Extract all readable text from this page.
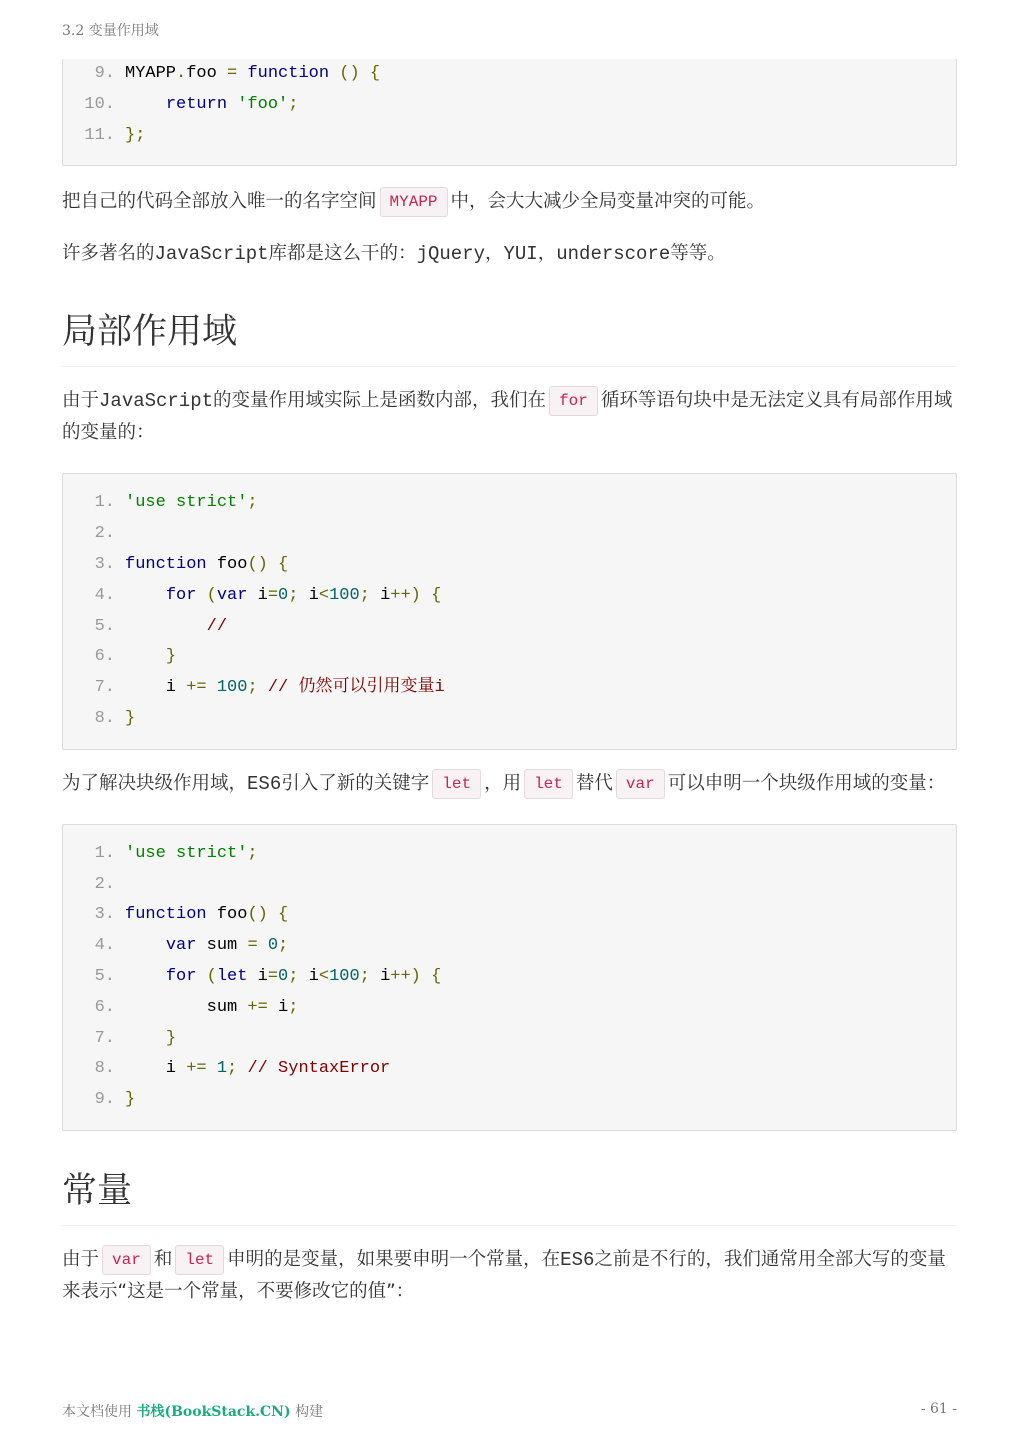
3.2 变量作用域
9. MYAPP.foo = function () {
10.	return 'foo';
11. };

把自己的代码全部放入唯一的名字空间 MYAPP 中，会大大减少全局变量冲突的可能。

许多著名的JavaScript库都是这么干的：jQuery，YUI，underscore等等。

局部作用域

由于JavaScript的变量作用域实际上是函数内部，我们在 for 循环等语句块中是无法定义具有局部作用域的变量的：

1. 'use strict';
2.

3. function foo() {
4.	for (var i=0; i<100; i++) {
5.	//
6.	}
7. i += 100; // 仍然可以引用变量i
8. }

为了解决块级作用域，ES6引入了新的关键字 let ，用 let 替代 var 可以申明一个块级作用域的变量：

1. 'use strict';
2.

3. function foo() {
4.	var sum = 0;
5.	for (let i=0; i<100; i++) {
6. sum += i;
7.	}
8. i += 1; // SyntaxError
9. }
常量

由于 var 和 let 申明的是变量，如果要申明一个常量，在ES6之前是不行的，我们通常用全部大写的变量来表示“这是一个常量，不要修改它的值”：

本文档使用 书栈(BookStack.CN) 构建	- 61 -
